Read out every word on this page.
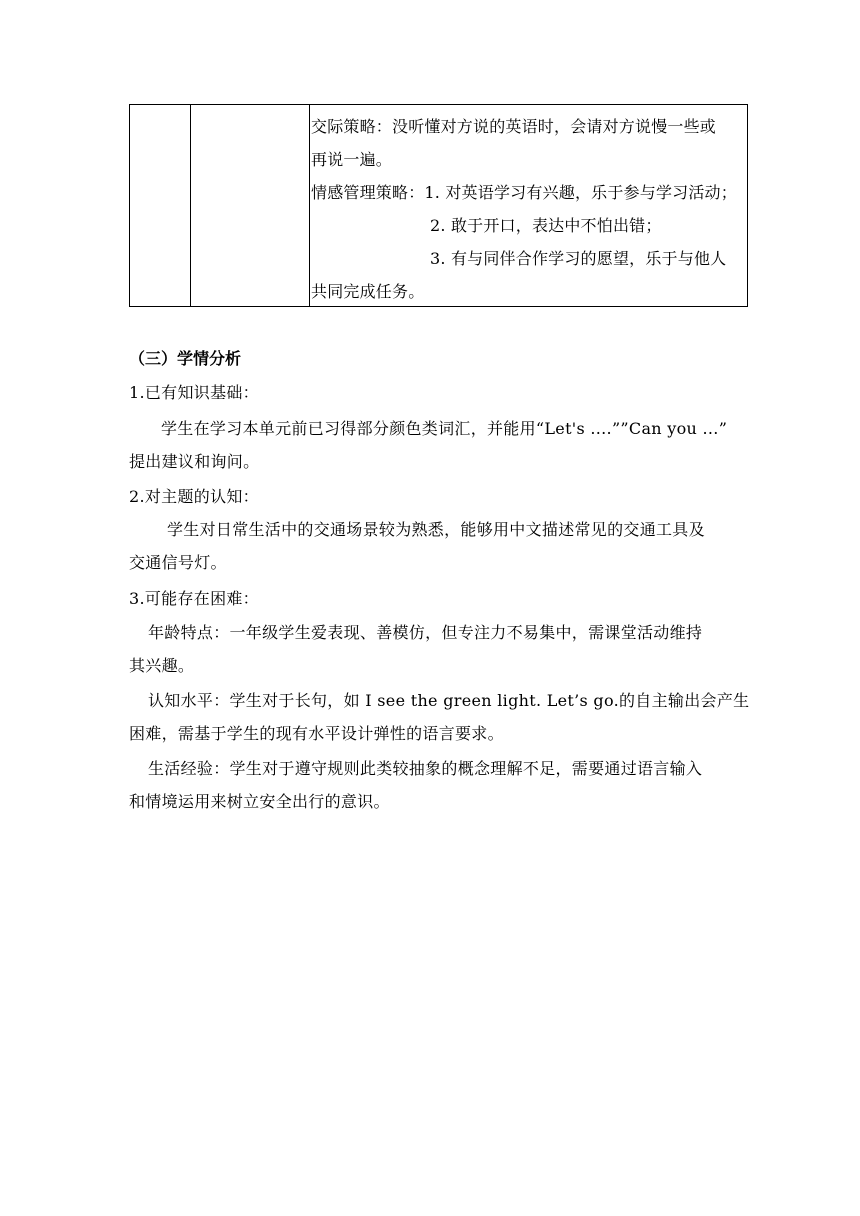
交际策略：没听懂对方说的英语时，会请对方说慢一些或
再说一遍。
情感管理策略：1. 对英语学习有兴趣，乐于参与学习活动；
2. 敢于开口，表达中不怕出错；
3. 有与同伴合作学习的愿望，乐于与他人
共同完成任务。
（三）学情分析
1.已有知识基础：
学生在学习本单元前已习得部分颜色类词汇，并能用“Let's ....””Can you ...”
提出建议和询问。
2.对主题的认知：
学生对日常生活中的交通场景较为熟悉，能够用中文描述常见的交通工具及
交通信号灯。
3.可能存在困难：
年龄特点：一年级学生爱表现、善模仿，但专注力不易集中，需课堂活动维持
其兴趣。
认知水平：学生对于长句，如 I see the green light. Let’s go.的自主输出会产生
困难，需基于学生的现有水平设计弹性的语言要求。
生活经验：学生对于遵守规则此类较抽象的概念理解不足，需要通过语言输入
和情境运用来树立安全出行的意识。
